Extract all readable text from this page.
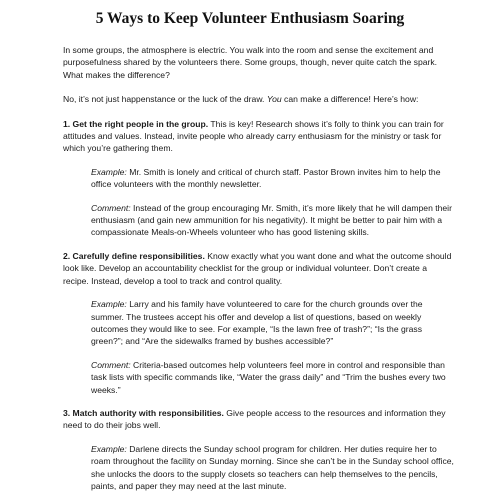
5 Ways to Keep Volunteer Enthusiasm Soaring

In some groups, the atmosphere is electric. You walk into the room and sense the excitement and purposefulness shared by the volunteers there. Some groups, though, never quite catch the spark. What makes the difference?

No, it’s not just happenstance or the luck of the draw. You can make a difference! Here’s how:

1. Get the right people in the group. This is key! Research shows it’s folly to think you can train for attitudes and values. Instead, invite people who already carry enthusiasm for the ministry or task for which you’re gathering them.

Example: Mr. Smith is lonely and critical of church staff. Pastor Brown invites him to help the office volunteers with the monthly newsletter.

Comment: Instead of the group encouraging Mr. Smith, it’s more likely that he will dampen their enthusiasm (and gain new ammunition for his negativity). It might be better to pair him with a compassionate Meals-on-Wheels volunteer who has good listening skills.

2. Carefully define responsibilities. Know exactly what you want done and what the outcome should look like. Develop an accountability checklist for the group or individual volunteer. Don’t create a recipe. Instead, develop a tool to track and control quality.

Example: Larry and his family have volunteered to care for the church grounds over the summer. The trustees accept his offer and develop a list of questions, based on weekly outcomes they would like to see. For example, “Is the lawn free of trash?”; “Is the grass green?”; and “Are the sidewalks framed by bushes accessible?”

Comment: Criteria-based outcomes help volunteers feel more in control and responsible than task lists with specific commands like, “Water the grass daily” and “Trim the bushes every two weeks.”

3. Match authority with responsibilities. Give people access to the resources and information they need to do their jobs well.

Example: Darlene directs the Sunday school program for children. Her duties require her to roam throughout the facility on Sunday morning. Since she can’t be in the Sunday school office, she unlocks the doors to the supply closets so teachers can help themselves to the pencils, paints, and paper they may need at the last minute.
